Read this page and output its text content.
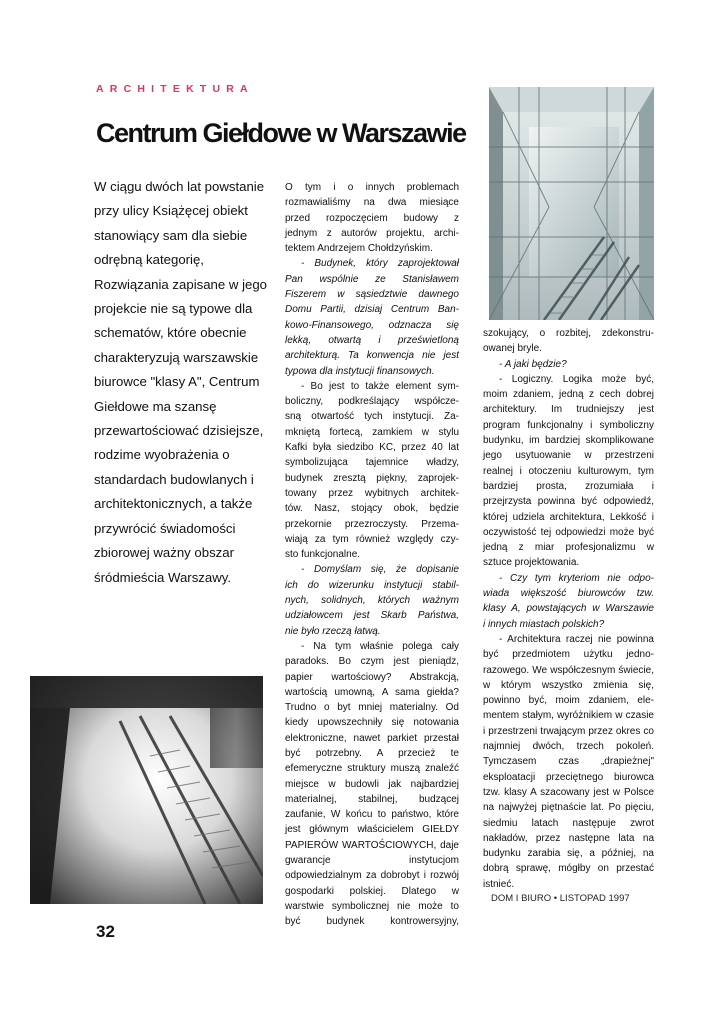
ARCHITEKTURA
Centrum Giełdowe w Warszawie
W ciągu dwóch lat powstanie
przy ulicy Książęcej obiekt
stanowiący sam dla siebie
odrębną kategorię,
Rozwiązania zapisane w jego
projekcie nie są typowe dla
schematów, które obecnie
charakteryzują warszawskie
biurowce "klasy A", Centrum
Giełdowe ma szansę
przewartościować dzisiejsze,
rodzime wyobrażenia o
standardach budowlanych i
architektonicznych, a także
przywrócić świadomości
zbiorowej ważny obszar
śródmieścia Warszawy.
O tym i o innych problemach
rozmawialiśmy na dwa miesiące
przed rozpoczęciem budowy z
jednym z autorów projektu, archi-
tektem Andrzejem Chołdzyńskim.
- Budynek, który zaprojektował
Pan wspólnie ze Stanisławem
Fiszerem w sąsiedztwie dawnego
Domu Partii, dzisiaj Centrum Ban-
kowo-Finansowego, odznacza się
lekką, otwartą i prześwietloną
architekturą. Ta konwencja nie jest
typowa dla instytucji finansowych.
- Bo jest to także element sym-
boliczny, podkreślający współcze-
sną otwartość tych instytucji. Za-
mkniętą fortecą, zamkiem w stylu
Kafki była siedzibo KC, przez 40 lat
symbolizująca tajemnice władzy,
budynek zresztą piękny, zaprojek-
towany przez wybitnych architek-
tów. Nasz, stojący obok, będzie
przekornie przezroczysty. Przema-
wiają za tym również względy czy-
sto funkcjonalne.
- Domyślam się, że dopisanie
ich do wizerunku instytucji stabil-
nych, solidnych, których ważnym
udziałowcem jest Skarb Państwa,
nie było rzeczą łatwą.
- Na tym właśnie polega cały
paradoks. Bo czym jest pieniądz,
papier wartościowy? Abstrakcją,
wartością umowną, A sama giełda?
Trudno o byt mniej materialny. Od
kiedy upowszechniły się notowania
elektroniczne, nawet parkiet przestał
być potrzebny. A przecież te
efemeryczne struktury muszą znaleźć
miejsce w budowli jak najbardziej
materialnej, stabilnej, budzącej
zaufanie, W końcu to państwo, które
jest głównym właścicielem GIEŁDY
PAPIERÓW WARTOŚCIOWYCH, daje
gwarancje instytucjom
odpowiedzialnym za dobrobyt i rozwój
gospodarki polskiej. Dlatego w
warstwie symbolicznej nie może to
być budynek kontrowersyjny,
szokujący, o rozbitej, zdekonstru-
owanej bryle.
- A jaki będzie?
- Logiczny. Logika może być,
moim zdaniem, jedną z cech dobrej
architektury. Im trudniejszy jest
program funkcjonalny i symboliczny
budynku, im bardziej skomplikowane
jego usytuowanie w przestrzeni
realnej i otoczeniu kulturowym, tym
bardziej prosta, zrozumiała i
przejrzysta powinna być odpowiedź,
której udziela architektura, Lekkość i
oczywistość tej odpowiedzi może być
jedną z miar profesjonalizmu w
sztuce projektowania.
- Czy tym kryteriom nie odpo-
wiada większość biurowców tzw.
klasy A, powstających w Warszawie
i innych miastach polskich?
- Architektura raczej nie powinna
być przedmiotem użytku jedno-
razowego. We współczesnym świecie,
w którym wszystko zmienia się,
powinno być, moim zdaniem, ele-
mentem stałym, wyróżnikiem w czasie
i przestrzeni trwającym przez okres co
najmniej dwóch, trzech pokoleń.
Tymczasem czas „drapieżnej"
eksploatacji przeciętnego biurowca
tzw. klasy A szacowany jest w Polsce
na najwyżej piętnaście lat. Po pięciu,
siedmiu latach następuje zwrot
nakładów, przez następne lata na
budynku zarabia się, a później, na
dobrą sprawę, mógłby on przestać
istnieć.
DOM I BIURO • LISTOPAD 1997
32
